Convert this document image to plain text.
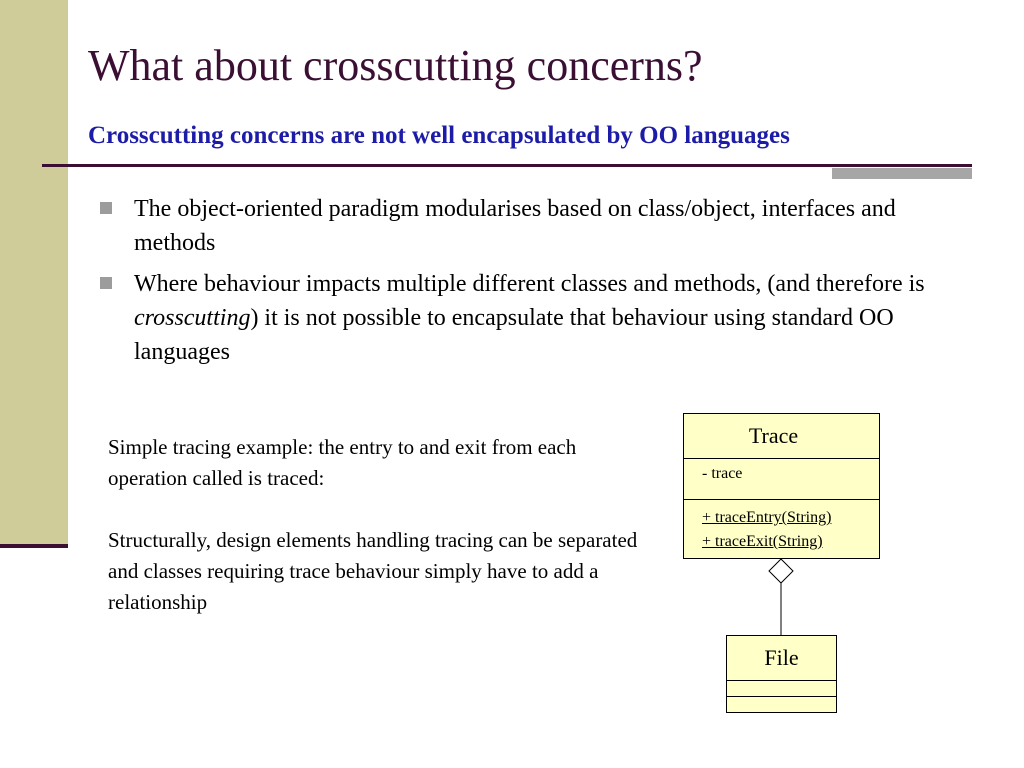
What about crosscutting concerns?
Crosscutting concerns are not well encapsulated by OO languages
The object-oriented paradigm modularises based on class/object, interfaces and methods
Where behaviour impacts multiple different classes and methods, (and therefore is crosscutting) it is not possible to encapsulate that behaviour using standard OO languages

Simple tracing example: the entry to and exit from each operation called is traced:

Structurally, design elements handling tracing can be separated and classes requiring trace behaviour simply have to add a relationship

Trace
- trace
+ traceEntry(String)
+ traceExit(String)
File
